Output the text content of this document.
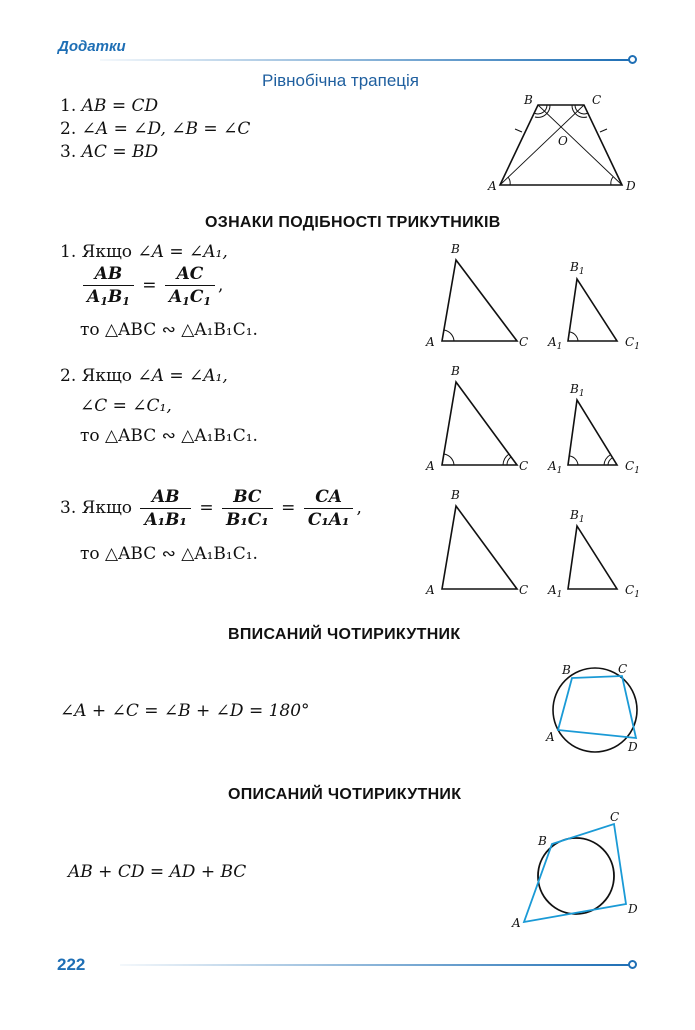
Додатки
Рівнобічна трапеція
1. AB = CD
2. ∠A = ∠D, ∠B = ∠C
3. AC = BD
B	C
A	D
O
ОЗНАКИ ПОДІБНОСТІ ТРИКУТНИКІВ
1. Якщо ∠A = ∠A₁,
$\frac{AB}{A_1B_1} = \frac{AC}{A_1C_1}$ ,
то △ABC ∾ △A₁B₁C₁.
2. Якщо ∠A = ∠A₁,
∠C = ∠C₁,
то △ABC ∾ △A₁B₁C₁.
3. Якщо $\frac{AB}{\text{A₁B₁}} = \frac{BC}{\text{B₁C₁}} = \frac{CA}{\text{C₁A₁}}$ ,
то △ABC ∾ △A₁B₁C₁.
B
A	C
$B_1$
$A_1$	$C_1$
B
A	C
$B_1$
$A_1$	$C_1$
B
A	C
$B_1$
$A_1$	$C_1$
ВПИСАНИЙ ЧОТИРИКУТНИК
∠A + ∠C = ∠B + ∠D = 180°
B	C
A
D
ОПИСАНИЙ ЧОТИРИКУТНИК
AB + CD = AD + BC
B
C
A
D
222
